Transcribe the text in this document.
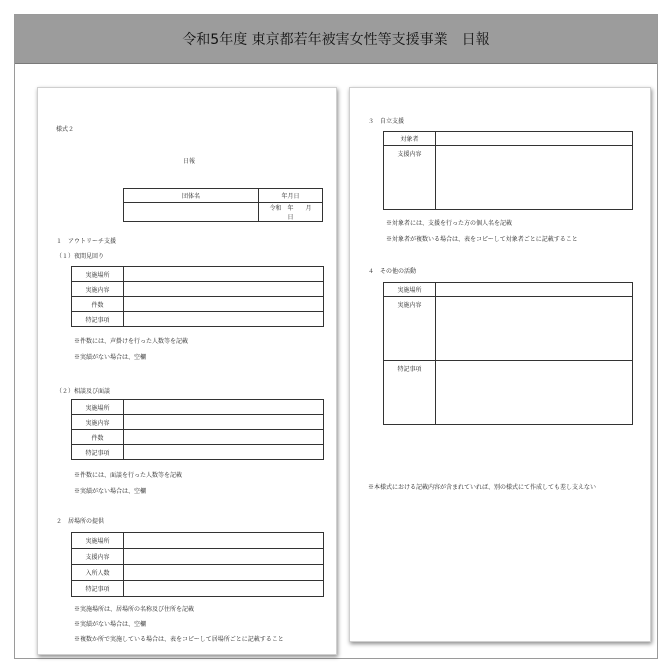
令和5年度 東京都若年被害女性等支援事業　日報
様式２
日報
団体名	年月日
	令和　年　　月　　日
１　アウトリーチ支援
（１）夜間見回り
実施場所	
実施内容	
件数	
特記事項	
※件数には、声掛けを行った人数等を記載
※実績がない場合は、空欄
（２）相談及び面談
実施場所	
実施内容	
件数	
特記事項	
※件数には、面談を行った人数等を記載
※実績がない場合は、空欄
２　居場所の提供
実施場所	
支援内容	
入所人数	
特記事項	
※実施場所は、居場所の名称及び住所を記載
※実績がない場合は、空欄
※複数か所で実施している場合は、表をコピーして居場所ごとに記載すること
３　自立支援
対象者	
支援内容	
※対象者には、支援を行った方の個人名を記載
※対象者が複数いる場合は、表をコピーして対象者ごとに記載すること
４　その他の活動
実施場所	
実施内容	
特記事項	
※本様式における記載内容が含まれていれば、別の様式にて作成しても差し支えない
